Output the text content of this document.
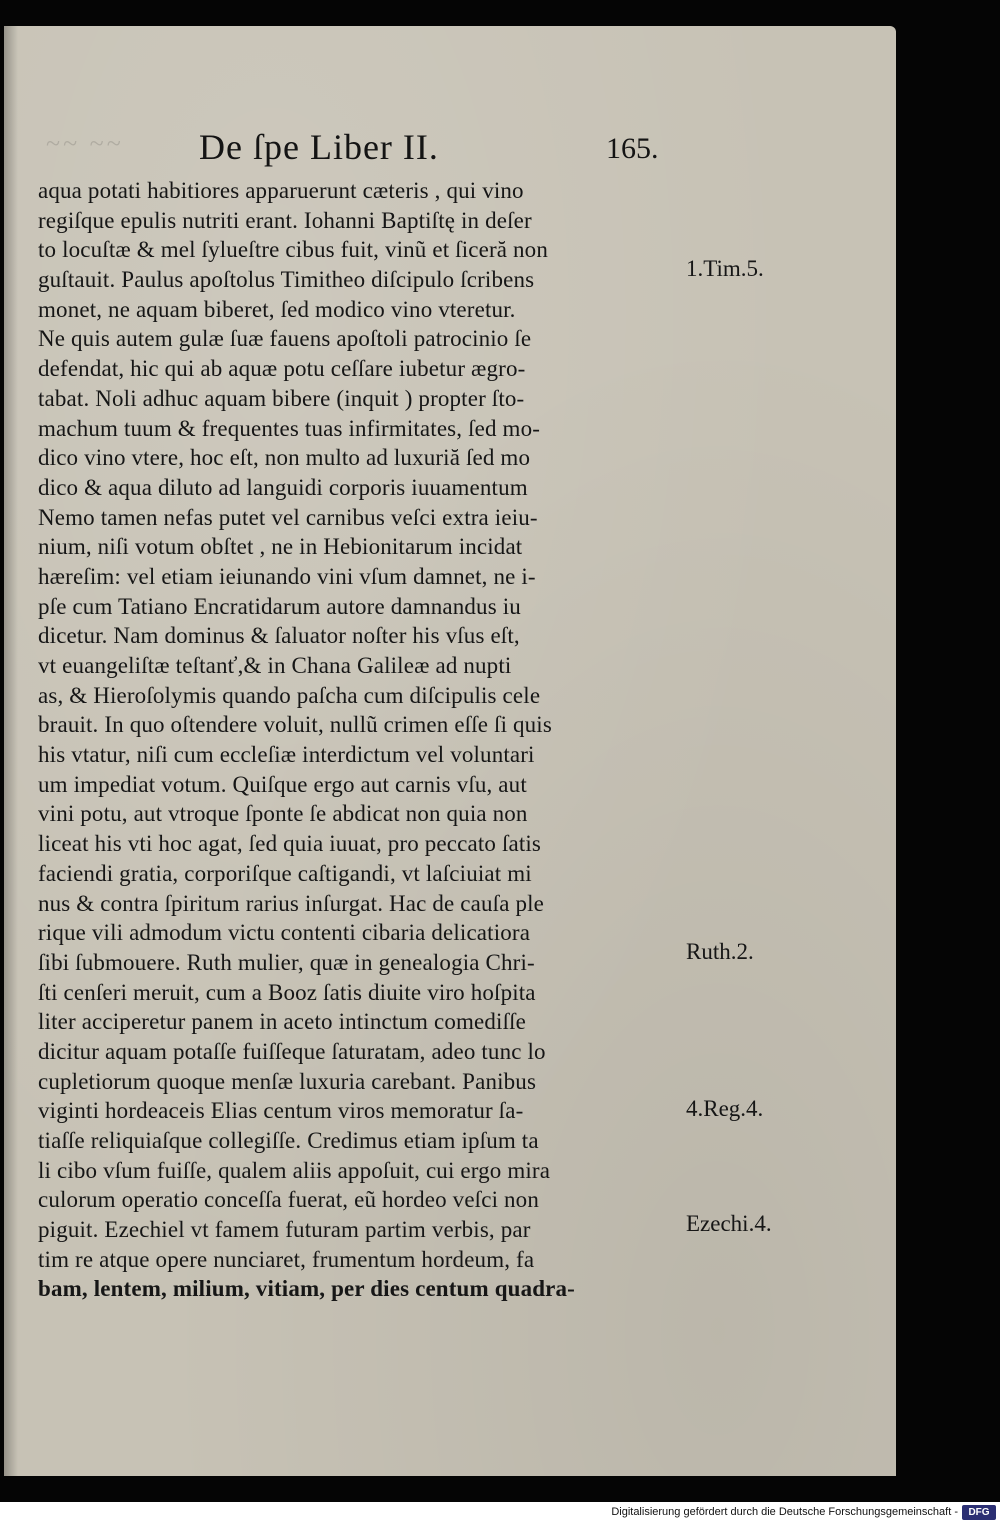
~~ ~~	De ſpe Liber II.	165.
aqua potati habitiores apparuerunt cæteris , qui vino
regiſque epulis nutriti erant. Iohanni Baptiſtę in deſer
to locuſtæ & mel ſylueſtre cibus fuit, vinũ et ſiceră non
guſtauit. Paulus apoſtolus Timitheo diſcipulo ſcribens
monet, ne aquam biberet, ſed modico vino vteretur.
Ne quis autem gulæ ſuæ fauens apoſtoli patrocinio ſe
defendat, hic qui ab aquæ potu ceſſare iubetur ægro-
tabat. Noli adhuc aquam bibere (inquit ) propter ſto-
machum tuum & frequentes tuas infirmitates, ſed mo-
dico vino vtere, hoc eſt, non multo ad luxuriă ſed mo
dico & aqua diluto ad languidi corporis iuuamentum
Nemo tamen nefas putet vel carnibus veſci extra ieiu-
nium, niſi votum obſtet , ne in Hebionitarum incidat
hæreſim: vel etiam ieiunando vini vſum damnet, ne i-
pſe cum Tatiano Encratidarum autore damnandus iu
dicetur. Nam dominus & ſaluator noſter his vſus eſt,
vt euangeliſtæ teſtanť,& in Chana Galileæ ad nupti
as, & Hieroſolymis quando paſcha cum diſcipulis cele
brauit. In quo oſtendere voluit, nullũ crimen eſſe ſi quis
his vtatur, niſi cum eccleſiæ interdictum vel voluntari
um impediat votum. Quiſque ergo aut carnis vſu, aut
vini potu, aut vtroque ſponte ſe abdicat non quia non
liceat his vti hoc agat, ſed quia iuuat, pro peccato ſatis
faciendi gratia, corporiſque caſtigandi, vt laſciuiat mi
nus & contra ſpiritum rarius inſurgat. Hac de cauſa ple
rique vili admodum victu contenti cibaria delicatiora
ſibi ſubmouere. Ruth mulier, quæ in genealogia Chri-
ſti cenſeri meruit, cum a Booz ſatis diuite viro hoſpita
liter acciperetur panem in aceto intinctum comediſſe
dicitur aquam potaſſe fuiſſeque ſaturatam, adeo tunc lo
cupletiorum quoque menſæ luxuria carebant. Panibus
viginti hordeaceis Elias centum viros memoratur ſa-
tiaſſe reliquiaſque collegiſſe. Credimus etiam ipſum ta
li cibo vſum fuiſſe, qualem aliis appoſuit, cui ergo mira
culorum operatio conceſſa fuerat, eũ hordeo veſci non
piguit. Ezechiel vt famem futuram partim verbis, par
tim re atque opere nunciaret, frumentum hordeum, fa
bam, lentem, milium, vitiam, per dies centum quadra-
1.Tim.5.
Ruth.2.
4.Reg.4.
Ezechi.4.
Digitalisierung gefördert durch die Deutsche Forschungsgemeinschaft -	DFG
